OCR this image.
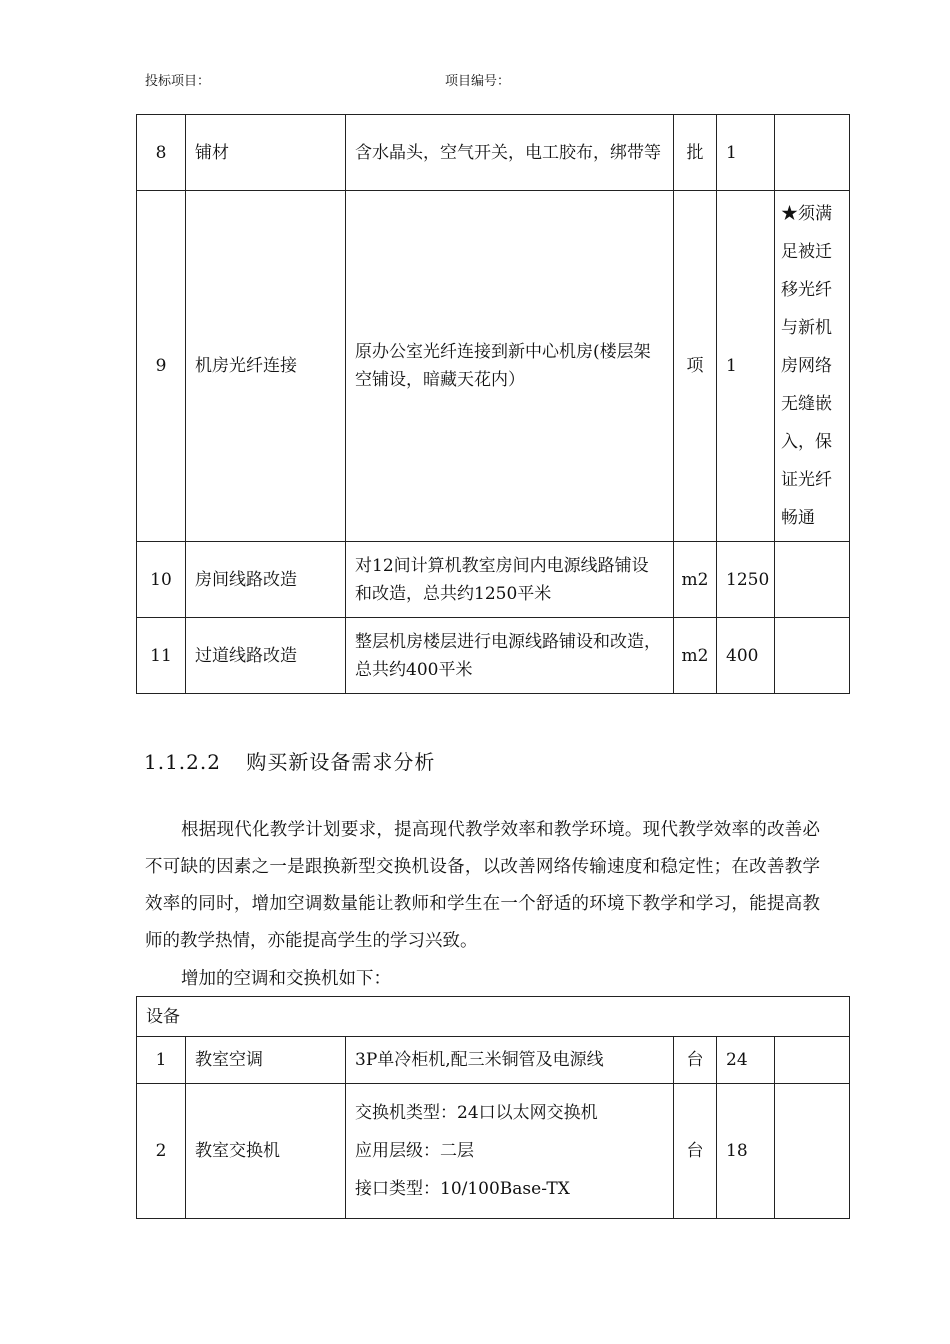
投标项目：	项目编号：
8	铺材	含水晶头，空气开关，电工胶布，绑带等	批	1	
9	机房光纤连接	原办公室光纤连接到新中心机房(楼层架空铺设，暗藏天花内）	项	1	★须满足被迁移光纤与新机房网络无缝嵌入，保证光纤畅通
10	房间线路改造	对12间计算机教室房间内电源线路铺设和改造，总共约1250平米	m2	1250	
11	过道线路改造	整层机房楼层进行电源线路铺设和改造，总共约400平米	m2	400	
1.1.2.2 购买新设备需求分析
根据现代化教学计划要求，提高现代教学效率和教学环境。现代教学效率的改善必不可缺的因素之一是跟换新型交换机设备，以改善网络传输速度和稳定性；在改善教学效率的同时，增加空调数量能让教师和学生在一个舒适的环境下教学和学习，能提高教师的教学热情，亦能提高学生的学习兴致。
增加的空调和交换机如下：
设备					
1	教室空调	3P单冷柜机,配三米铜管及电源线	台	24	
2	教室交换机	交换机类型：24口以太网交换机
应用层级：二层
接口类型：10/100Base-TX	台	18	
